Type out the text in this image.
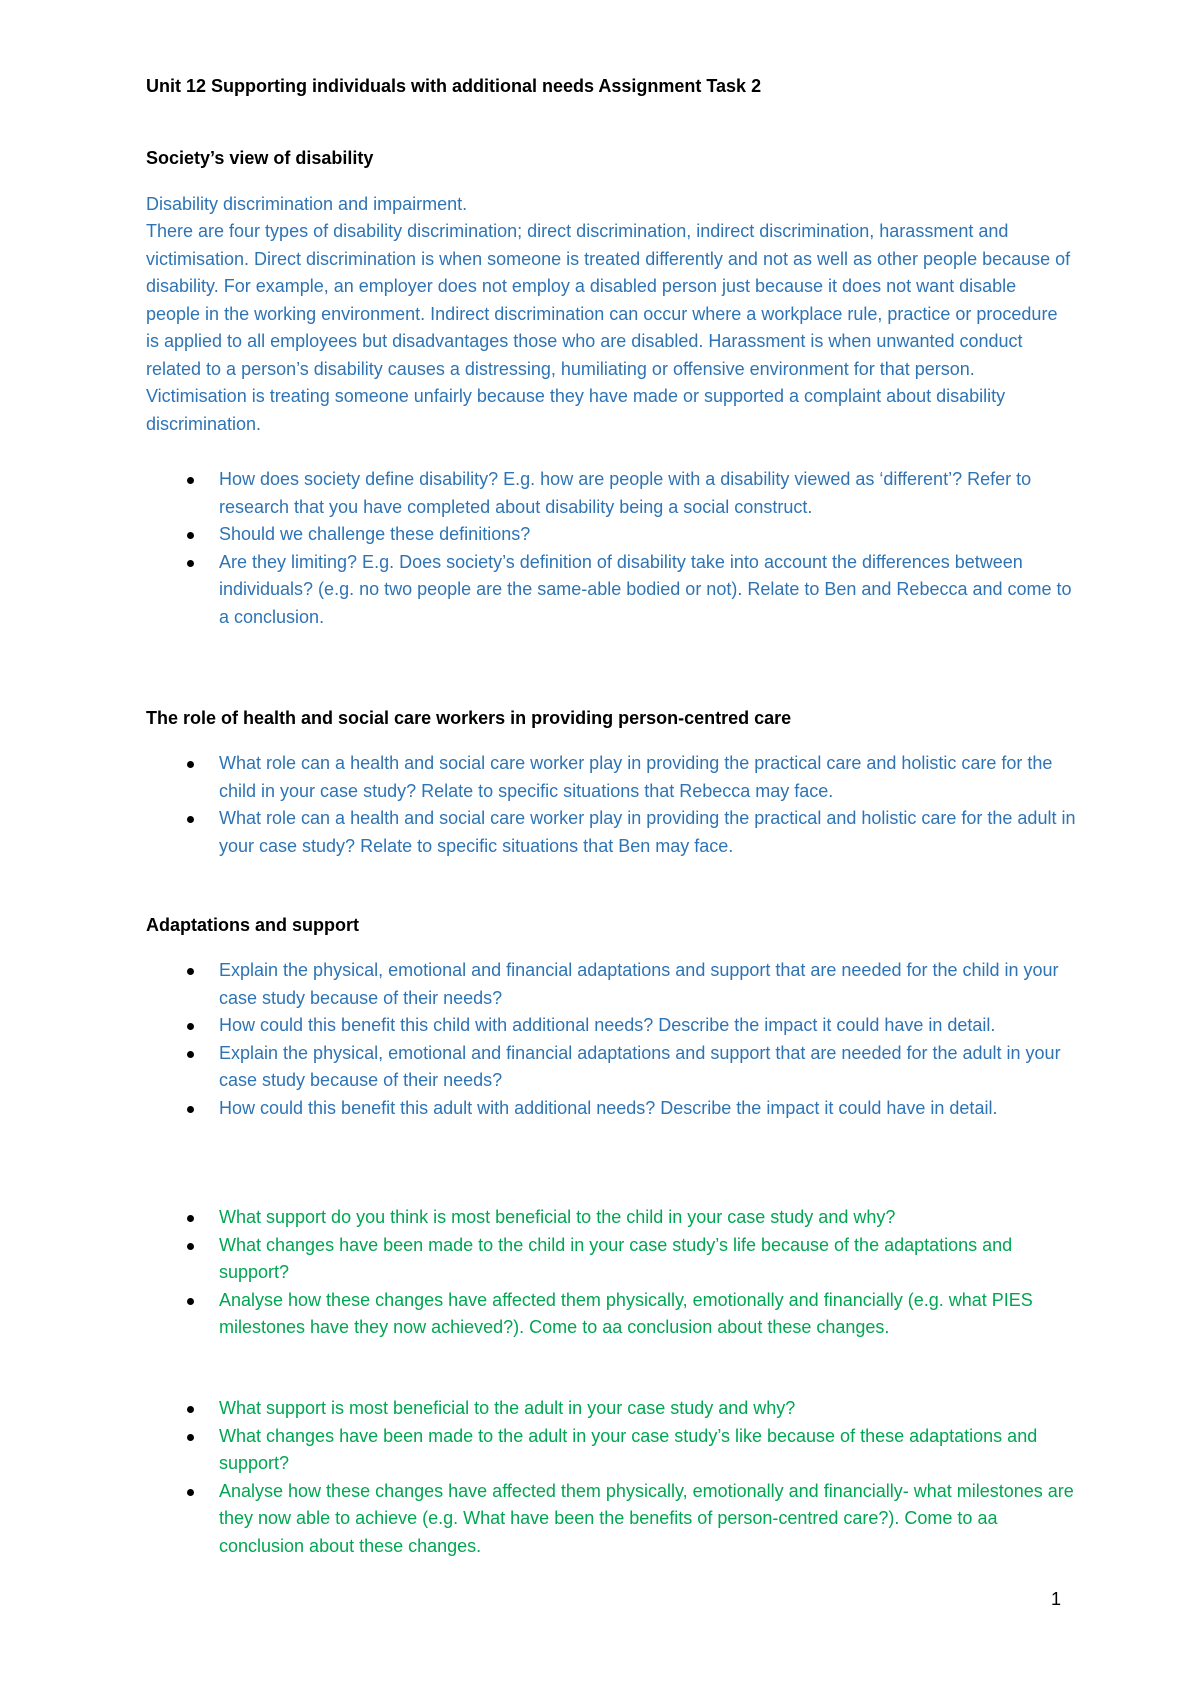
Unit 12 Supporting individuals with additional needs Assignment Task 2
Society’s view of disability
Disability discrimination and impairment.
There are four types of disability discrimination; direct discrimination, indirect discrimination, harassment and victimisation. Direct discrimination is when someone is treated differently and not as well as other people because of disability. For example, an employer does not employ a disabled person just because it does not want disable people in the working environment. Indirect discrimination can occur where a workplace rule, practice or procedure is applied to all employees but disadvantages those who are disabled. Harassment is when unwanted conduct related to a person’s disability causes a distressing, humiliating or offensive environment for that person. Victimisation is treating someone unfairly because they have made or supported a complaint about disability discrimination.
How does society define disability? E.g. how are people with a disability viewed as ‘different’? Refer to research that you have completed about disability being a social construct.
Should we challenge these definitions?
Are they limiting? E.g. Does society’s definition of disability take into account the differences between individuals? (e.g. no two people are the same-able bodied or not). Relate to Ben and Rebecca and come to a conclusion.
The role of health and social care workers in providing person-centred care
What role can a health and social care worker play in providing the practical care and holistic care for the child in your case study? Relate to specific situations that Rebecca may face.
What role can a health and social care worker play in providing the practical and holistic care for the adult in your case study? Relate to specific situations that Ben may face.
Adaptations and support
Explain the physical, emotional and financial adaptations and support that are needed for the child in your case study because of their needs?
How could this benefit this child with additional needs? Describe the impact it could have in detail.
Explain the physical, emotional and financial adaptations and support that are needed for the adult in your case study because of their needs?
How could this benefit this adult with additional needs? Describe the impact it could have in detail.
What support do you think is most beneficial to the child in your case study and why?
What changes have been made to the child in your case study’s life because of the adaptations and support?
Analyse how these changes have affected them physically, emotionally and financially (e.g. what PIES milestones have they now achieved?). Come to aa conclusion about these changes.
What support is most beneficial to the adult in your case study and why?
What changes have been made to the adult in your case study’s like because of these adaptations and support?
Analyse how these changes have affected them physically, emotionally and financially- what milestones are they now able to achieve (e.g. What have been the benefits of person-centred care?). Come to aa conclusion about these changes.
1
